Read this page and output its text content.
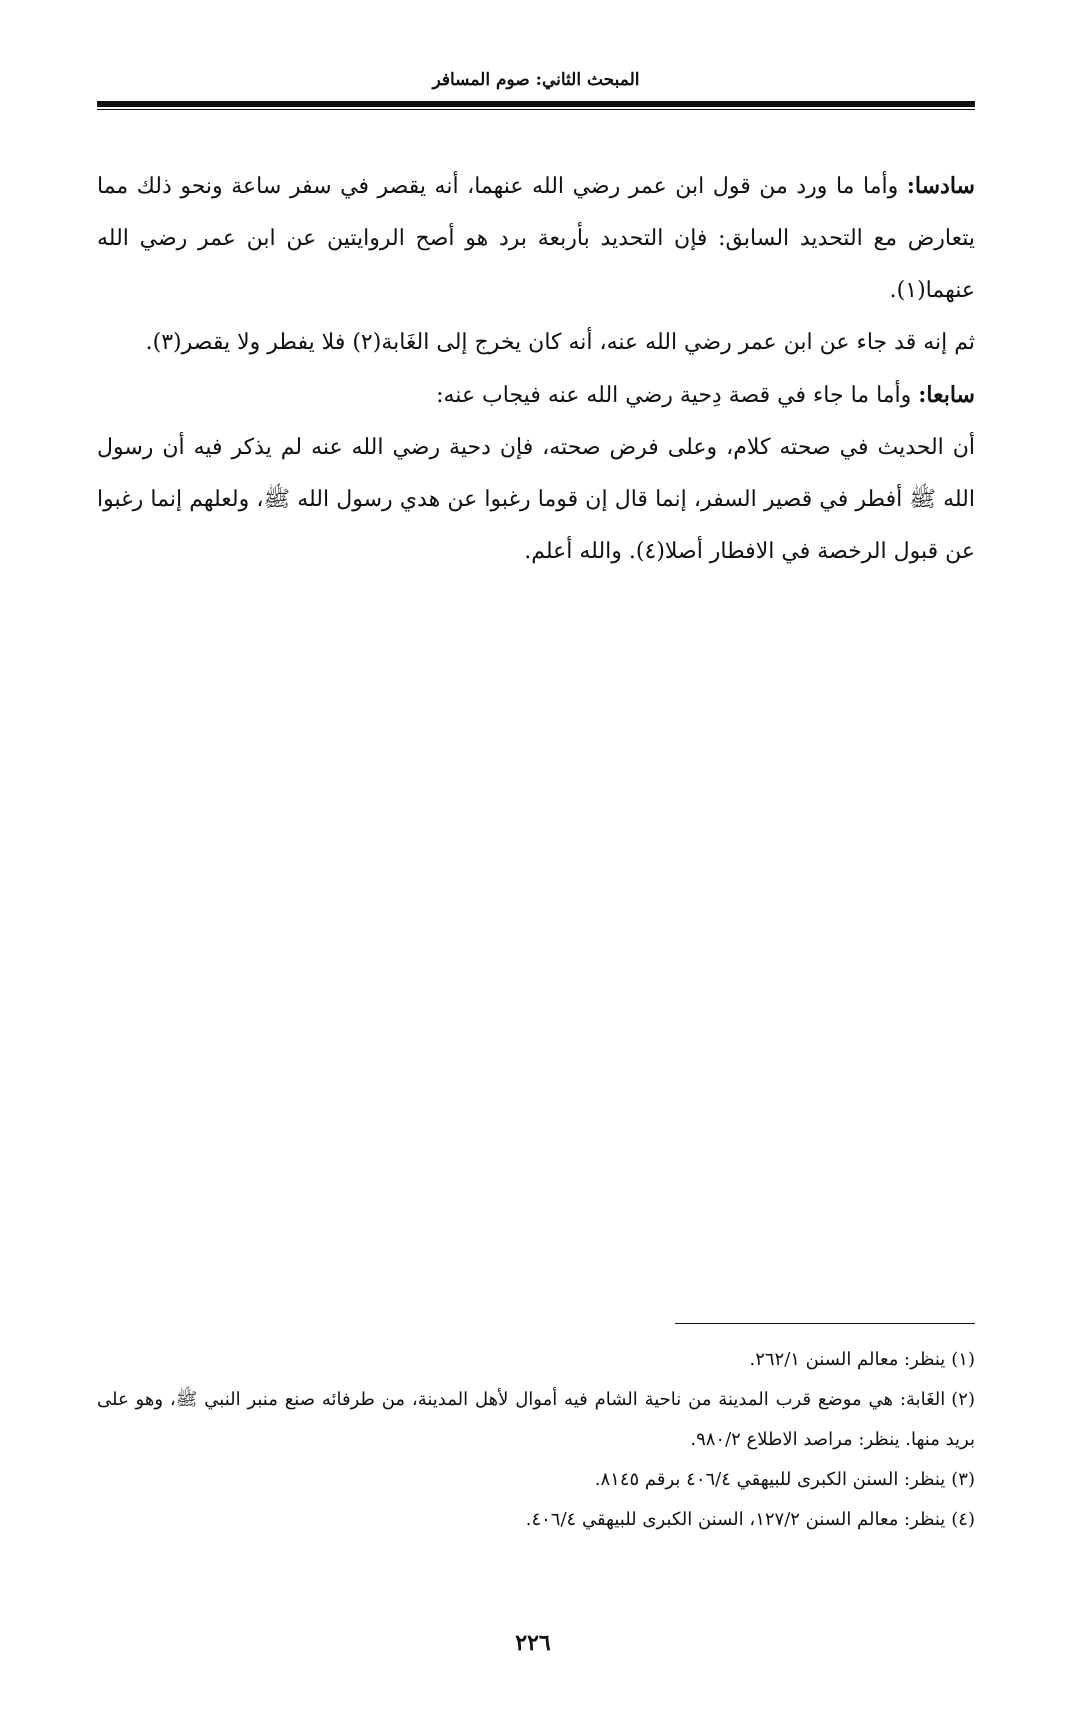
المبحث الثاني: صوم المسافر

سادسا: وأما ما ورد من قول ابن عمر رضي الله عنهما، أنه يقصر في سفر ساعة ونحو ذلك مما يتعارض مع التحديد السابق: فإن التحديد بأربعة برد هو أصح الروايتين عن ابن عمر رضي الله عنهما(١).

ثم إنه قد جاء عن ابن عمر رضي الله عنه، أنه كان يخرج إلى الغَابة(٢) فلا يفطر ولا يقصر(٣).

سابعا: وأما ما جاء في قصة دِحية رضي الله عنه فيجاب عنه:

أن الحديث في صحته كلام، وعلى فرض صحته، فإن دحية رضي الله عنه لم يذكر فيه أن رسول الله ﷺ أفطر في قصير السفر، إنما قال إن قوما رغبوا عن هدي رسول الله ﷺ، ولعلهم إنما رغبوا عن قبول الرخصة في الافطار أصلا(٤). والله أعلم.

(١)ينظر: معالم السنن ٢٦٢/١.

(٢)الغَابة: هي موضع قرب المدينة من ناحية الشام فيه أموال لأهل المدينة، من طرفائه صنع منبر النبي ﷺ، وهو على بريد منها. ينظر: مراصد الاطلاع ٩٨٠/٢.

(٣)ينظر: السنن الكبرى للبيهقي ٤٠٦/٤ برقم ٨١٤٥.

(٤)ينظر: معالم السنن ١٢٧/٢، السنن الكبرى للبيهقي ٤٠٦/٤.

٢٢٦
